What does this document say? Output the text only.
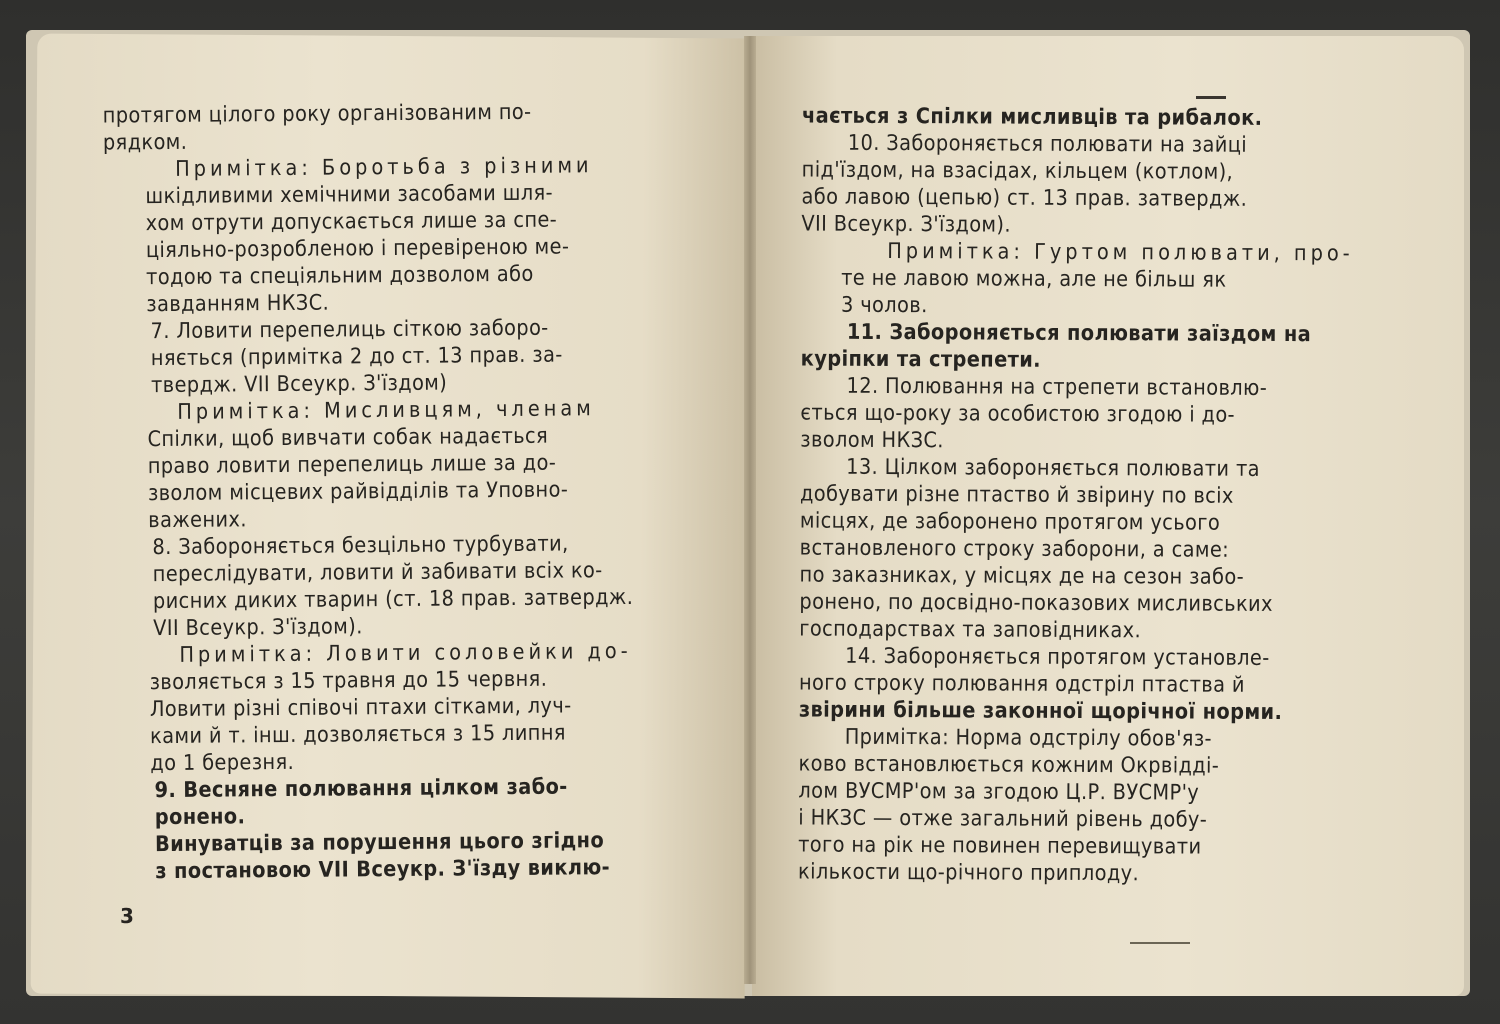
протягом цілого року організованим по-
рядком.
Примітка: Боротьба з різними
шкідливими хемічними засобами шля-
хом отрути допускається лише за спе-
ціяльно-розробленою і перевіреною ме-
тодою та спеціяльним дозволом або
завданням НКЗС.
7. Ловити перепелиць сіткою заборо-
няється (примітка 2 до ст. 13 прав. за-
твердж. VII Всеукр. З'їздом)
Примітка: Мисливцям, членам
Спілки, щоб вивчати собак надається
право ловити перепелиць лише за до-
зволом місцевих райвідділів та Уповно-
важених.
8. Забороняється безцільно турбувати,
переслідувати, ловити й забивати всіх ко-
рисних диких тварин (ст. 18 прав. затвердж.
VII Всеукр. З'їздом).
Примітка: Ловити соловейки до-
зволяється з 15 травня до 15 червня.
Ловити різні співочі птахи сітками, луч-
ками й т. інш. дозволяється з 15 липня
до 1 березня.
9. Весняне полювання цілком забо-
ронено.
Винуватців за порушення цього згідно
з постановою VII Всеукр. З'їзду виклю-
3
чається з Спілки мисливців та рибалок.
10. Забороняється полювати на зайці
під'їздом, на взасідах, кільцем (котлом),
або лавою (цепью) ст. 13 прав. затвердж.
VII Всеукр. З'їздом).
Примітка: Гуртом полювати, про-
те не лавою можна, але не більш як
3 чолов.
11. Забороняється полювати заїздом на
куріпки та стрепети.
12. Полювання на стрепети встановлю-
ється що-року за особистою згодою і до-
зволом НКЗС.
13. Цілком забороняється полювати та
добувати різне птаство й звірину по всіх
місцях, де заборонено протягом усього
встановленого строку заборони, а саме:
по заказниках, у місцях де на сезон забо-
ронено, по досвідно-показових мисливських
господарствах та заповідниках.
14. Забороняється протягом установле-
ного строку полювання одстріл птаства й
звірини більше законної щорічної норми.
Примітка: Норма одстрілу обов'яз-
ково встановлюється кожним Окрвідді-
лом ВУСМР'ом за згодою Ц.Р. ВУСМР'у
і НКЗС — отже загальний рівень добу-
того на рік не повинен перевищувати
кількости що-річного приплоду.
